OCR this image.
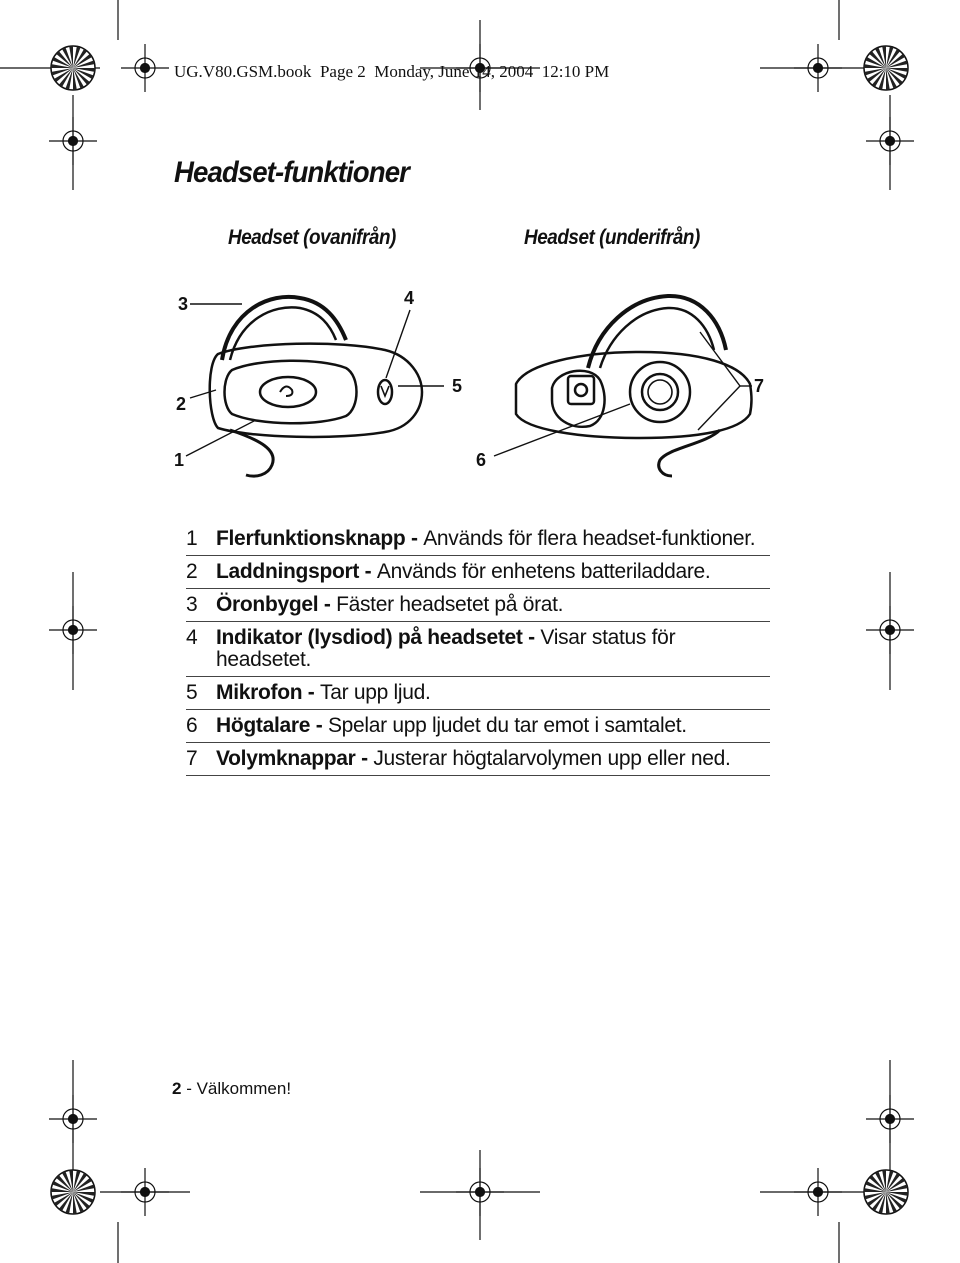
UG.V80.GSM.book Page 2 Monday, June 14, 2004 12:10 PM
Headset-funktioner
Headset (ovanifrån)	Headset (underifrån)
3	4
2
5	7
1	6
1 Flerfunktionsknapp - Används för flera headset-funktioner.
2 Laddningsport - Används för enhetens batteriladdare.
3 Öronbygel - Fäster headsetet på örat.
4 Indikator (lysdiod) på headsetet - Visar status för headsetet.
5 Mikrofon - Tar upp ljud.
6 Högtalare - Spelar upp ljudet du tar emot i samtalet.
7 Volymknappar - Justerar högtalarvolymen upp eller ned.
2 - Välkommen!
